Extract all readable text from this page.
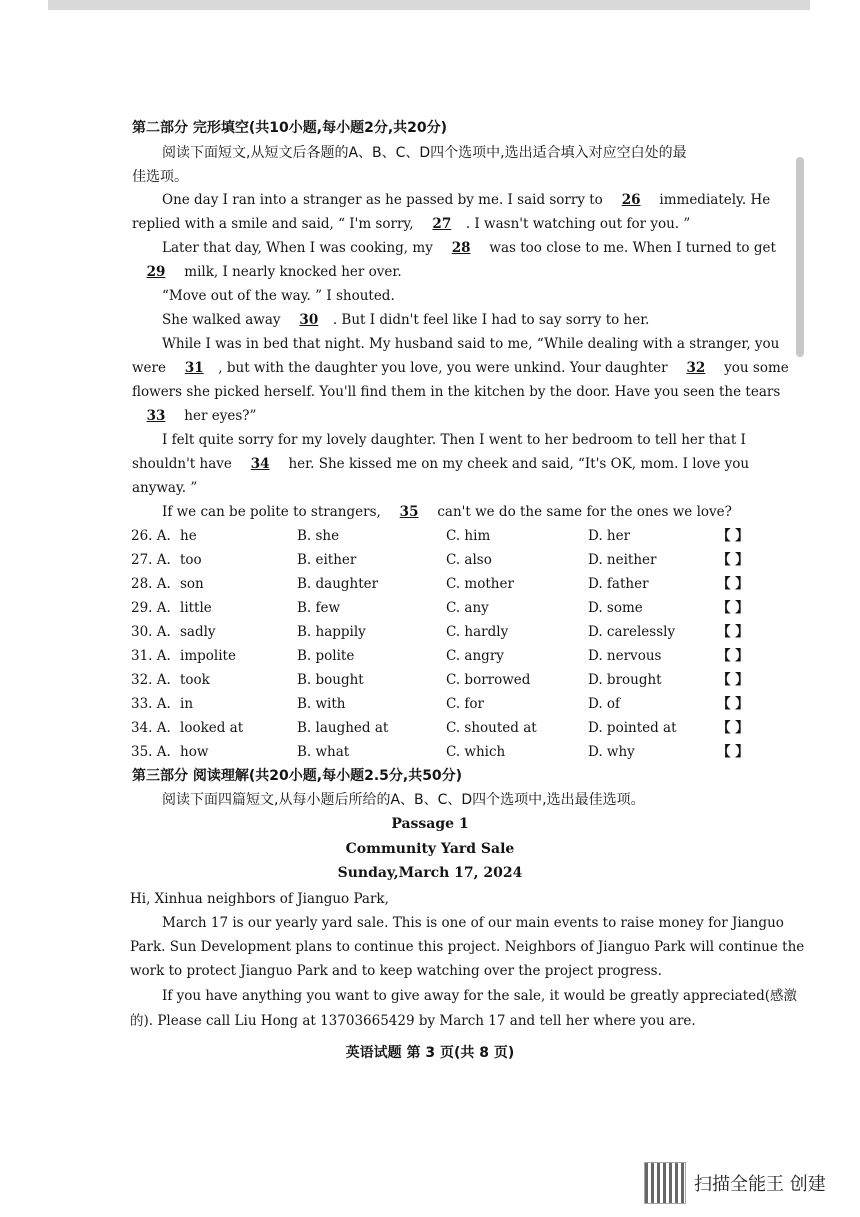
第二部分 完形填空(共10小题,每小题2分,共20分)
阅读下面短文,从短文后各题的A、B、C、D四个选项中,选出适合填入对应空白处的最
佳选项。
One day I ran into a stranger as he passed by me. I said sorry to 26 immediately. He
replied with a smile and said, “ I'm sorry, 27 . I wasn't watching out for you. ”
Later that day, When I was cooking, my 28 was too close to me. When I turned to get
29 milk, I nearly knocked her over.
“Move out of the way. ” I shouted.
She walked away 30 . But I didn't feel like I had to say sorry to her.
While I was in bed that night. My husband said to me, “While dealing with a stranger, you
were 31 , but with the daughter you love, you were unkind. Your daughter 32 you some
flowers she picked herself. You'll find them in the kitchen by the door. Have you seen the tears
33 her eyes?”
I felt quite sorry for my lovely daughter. Then I went to her bedroom to tell her that I
shouldn't have 34 her. She kissed me on my cheek and said, “It's OK, mom. I love you
anyway. ”
If we can be polite to strangers, 35 can't we do the same for the ones we love?
26. A. he	B. she	C. him	D. her	【 】
27. A. too	B. either	C. also	D. neither	【 】
28. A. son	B. daughter	C. mother	D. father	【 】
29. A. little	B. few	C. any	D. some	【 】
30. A. sadly	B. happily	C. hardly	D. carelessly	【 】
31. A. impolite	B. polite	C. angry	D. nervous	【 】
32. A. took	B. bought	C. borrowed	D. brought	【 】
33. A. in	B. with	C. for	D. of	【 】
34. A. looked at	B. laughed at	C. shouted at	D. pointed at	【 】
35. A. how	B. what	C. which	D. why	【 】
第三部分 阅读理解(共20小题,每小题2.5分,共50分)
阅读下面四篇短文,从每小题后所给的A、B、C、D四个选项中,选出最佳选项。
Passage 1
Community Yard Sale
Sunday,March 17, 2024
Hi, Xinhua neighbors of Jianguo Park,
March 17 is our yearly yard sale. This is one of our main events to raise money for Jianguo
Park. Sun Development plans to continue this project. Neighbors of Jianguo Park will continue the
work to protect Jianguo Park and to keep watching over the project progress.
If you have anything you want to give away for the sale, it would be greatly appreciated(感激
的). Please call Liu Hong at 13703665429 by March 17 and tell her where you are.
英语试题 第 3 页(共 8 页)
扫描全能王 创建
